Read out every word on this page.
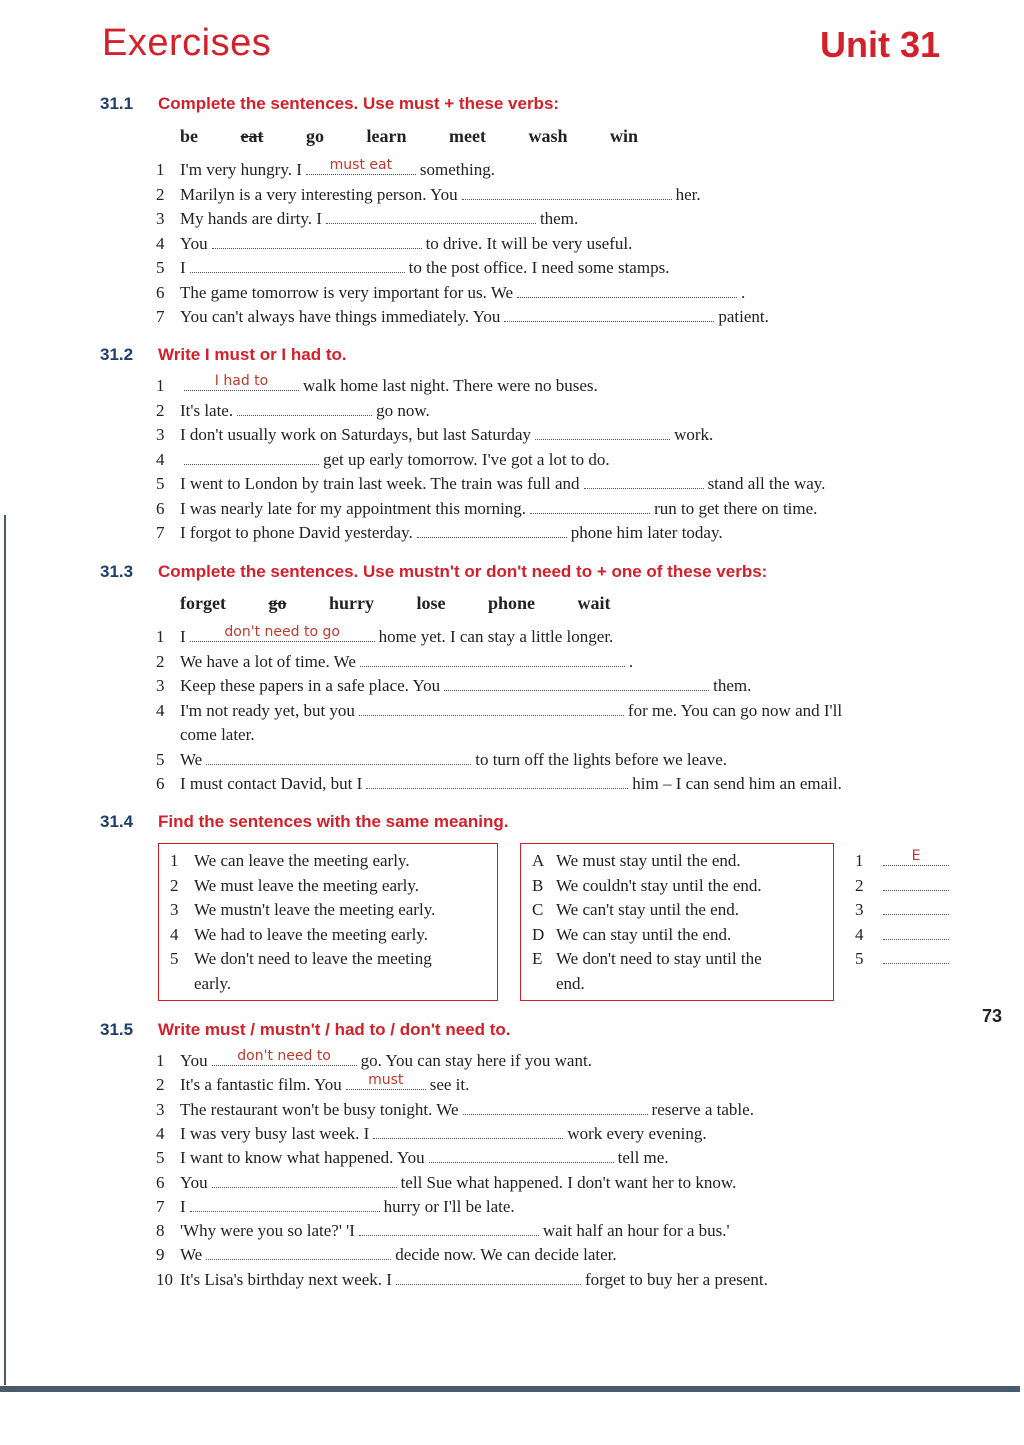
Exercises	Unit 31
31.1 Complete the sentences. Use must + these verbs:
be eat go learn meet wash win
1 I'm very hungry. I	must eat	something.
2 Marilyn is a very interesting person. You	her.
3 My hands are dirty. I	them.
4 You	to drive. It will be very useful.
5 I	to the post office. I need some stamps.
6 The game tomorrow is very important for us. We	.
7 You can't always have things immediately. You	patient.
31.2 Write I must or I had to.
1	I had to	walk home last night. There were no buses.
2 It's late.	go now.
3 I don't usually work on Saturdays, but last Saturday	work.
4	get up early tomorrow. I've got a lot to do.
5 I went to London by train last week. The train was full and	stand all the way.
6 I was nearly late for my appointment this morning.	run to get there on time.
7 I forgot to phone David yesterday.	phone him later today.
31.3 Complete the sentences. Use mustn't or don't need to + one of these verbs:
forget go hurry lose phone wait
1 I	don't need to go	home yet. I can stay a little longer.
2 We have a lot of time. We	.
3 Keep these papers in a safe place. You	them.
4 I'm not ready yet, but you	for me. You can go now and I'll
come later.
5 We	to turn off the lights before we leave.
6 I must contact David, but I	him – I can send him an email.
31.4 Find the sentences with the same meaning.
1 We can leave the meeting early.
2 We must leave the meeting early.
3 We mustn't leave the meeting early.
4 We had to leave the meeting early.
5 We don't need to leave the meeting
early.
A We must stay until the end.
B We couldn't stay until the end.
C We can't stay until the end.
D We can stay until the end.
E We don't need to stay until the
end.
1	E
2
3
4
5
31.5 Write must / mustn't / had to / don't need to.
1 You	don't need to	go. You can stay here if you want.
2 It's a fantastic film. You	must	see it.
3 The restaurant won't be busy tonight. We	reserve a table.
4 I was very busy last week. I	work every evening.
5 I want to know what happened. You	tell me.
6 You	tell Sue what happened. I don't want her to know.
7 I	hurry or I'll be late.
8 'Why were you so late?' 'I	wait half an hour for a bus.'
9 We	decide now. We can decide later.
10 It's Lisa's birthday next week. I	forget to buy her a present.
73
